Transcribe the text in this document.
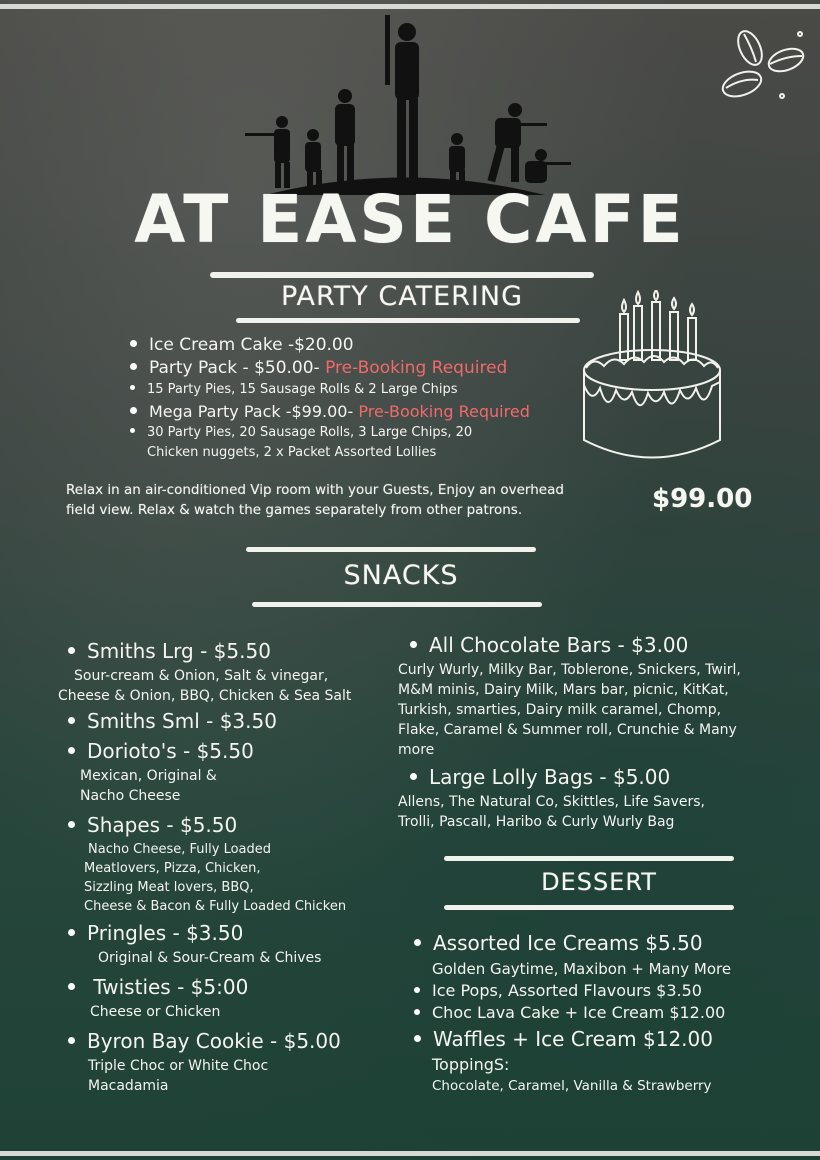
AT EASE CAFE
PARTY CATERING
Ice Cream Cake -$20.00
Party Pack - $50.00- Pre-Booking Required
15 Party Pies, 15 Sausage Rolls & 2 Large Chips
Mega Party Pack -$99.00- Pre-Booking Required
30 Party Pies, 20 Sausage Rolls, 3 Large Chips, 20
Chicken nuggets, 2 x Packet Assorted Lollies
Relax in an air-conditioned Vip room with your Guests, Enjoy an overhead
field view. Relax & watch the games separately from other patrons.	$99.00
SNACKS
Smiths Lrg - $5.50
Sour-cream & Onion, Salt & vinegar,
Cheese & Onion, BBQ, Chicken & Sea Salt
Smiths Sml - $3.50
Dorioto's - $5.50
Mexican, Original &
Nacho Cheese
Shapes - $5.50
Nacho Cheese, Fully Loaded
Meatlovers, Pizza, Chicken,
Sizzling Meat lovers, BBQ,
Cheese & Bacon & Fully Loaded Chicken
Pringles - $3.50
Original & Sour-Cream & Chives
Twisties - $5:00
Cheese or Chicken
Byron Bay Cookie - $5.00
Triple Choc or White Choc
Macadamia
All Chocolate Bars - $3.00
Curly Wurly, Milky Bar, Toblerone, Snickers, Twirl,
M&M minis, Dairy Milk, Mars bar, picnic, KitKat,
Turkish, smarties, Dairy milk caramel, Chomp,
Flake, Caramel & Summer roll, Crunchie & Many
more
Large Lolly Bags - $5.00
Allens, The Natural Co, Skittles, Life Savers,
Trolli, Pascall, Haribo & Curly Wurly Bag
DESSERT
Assorted Ice Creams $5.50
Golden Gaytime, Maxibon + Many More
Ice Pops, Assorted Flavours $3.50
Choc Lava Cake + Ice Cream $12.00
Waffles + Ice Cream $12.00
ToppingS:
Chocolate, Caramel, Vanilla & Strawberry
